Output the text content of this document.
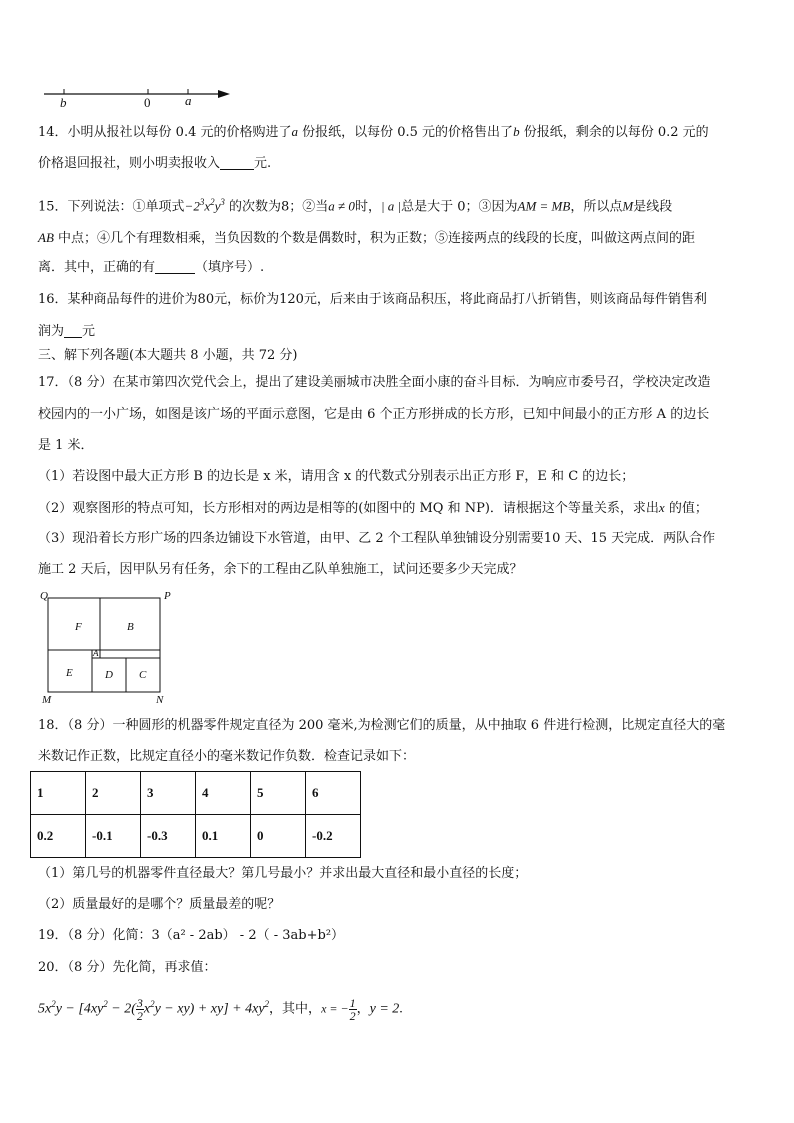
b	0	a
14．小明从报社以每份 0.4 元的价格购进了a 份报纸，以每份 0.5 元的价格售出了b 份报纸，剩余的以每份 0.2 元的
价格退回报社，则小明卖报收入	元.
15．下列说法：①单项式$-2^3x^2y^3$ 的次数为8；②当a ≠ 0时，| a |总是大于 0；③因为AM = MB，所以点M是线段
AB 中点；④几个有理数相乘，当负因数的个数是偶数时，积为正数；⑤连接两点的线段的长度，叫做这两点间的距
离．其中，正确的有	（填序号）.
16．某种商品每件的进价为80元，标价为120元，后来由于该商品积压，将此商品打八折销售，则该商品每件销售利
润为 元
三、解下列各题(本大题共 8 小题，共 72 分)
17．（8 分）在某市第四次党代会上，提出了建设美丽城市决胜全面小康的奋斗目标．为响应市委号召，学校决定改造
校园内的一小广场，如图是该广场的平面示意图，它是由 6 个正方形拼成的长方形，已知中间最小的正方形 A 的边长
是 1 米．
（1）若设图中最大正方形 B 的边长是 x 米，请用含 x 的代数式分别表示出正方形 F，E 和 C 的边长；
（2）观察图形的特点可知，长方形相对的两边是相等的(如图中的 MQ 和 NP)．请根据这个等量关系，求出x 的值；
（3）现沿着长方形广场的四条边铺设下水管道，由甲、乙 2 个工程队单独铺设分别需要10 天、15 天完成．两队合作
施工 2 天后，因甲队另有任务，余下的工程由乙队单独施工，试问还要多少天完成？
Q	P
M	N
F	B
A
E	D C
18．（8 分）一种圆形的机器零件规定直径为 200 毫米,为检测它们的质量，从中抽取 6 件进行检测，比规定直径大的毫
米数记作正数，比规定直径小的毫米数记作负数．检查记录如下：
1	2	3	4	5	6
0.2	-0.1	-0.3	0.1	0	-0.2
（1）第几号的机器零件直径最大？第几号最小？并求出最大直径和最小直径的长度；
（2）质量最好的是哪个？质量最差的呢？
19．（8 分）化简：3（a² - 2ab） - 2（ - 3ab+b²）
20．（8 分）先化简，再求值：
$5x^2y - [4xy^2 - 2( \frac{3}{2} x^2y - xy) + xy] + 4xy^2$，其中，x = − $\frac{1}{2}$ ，y = 2.
